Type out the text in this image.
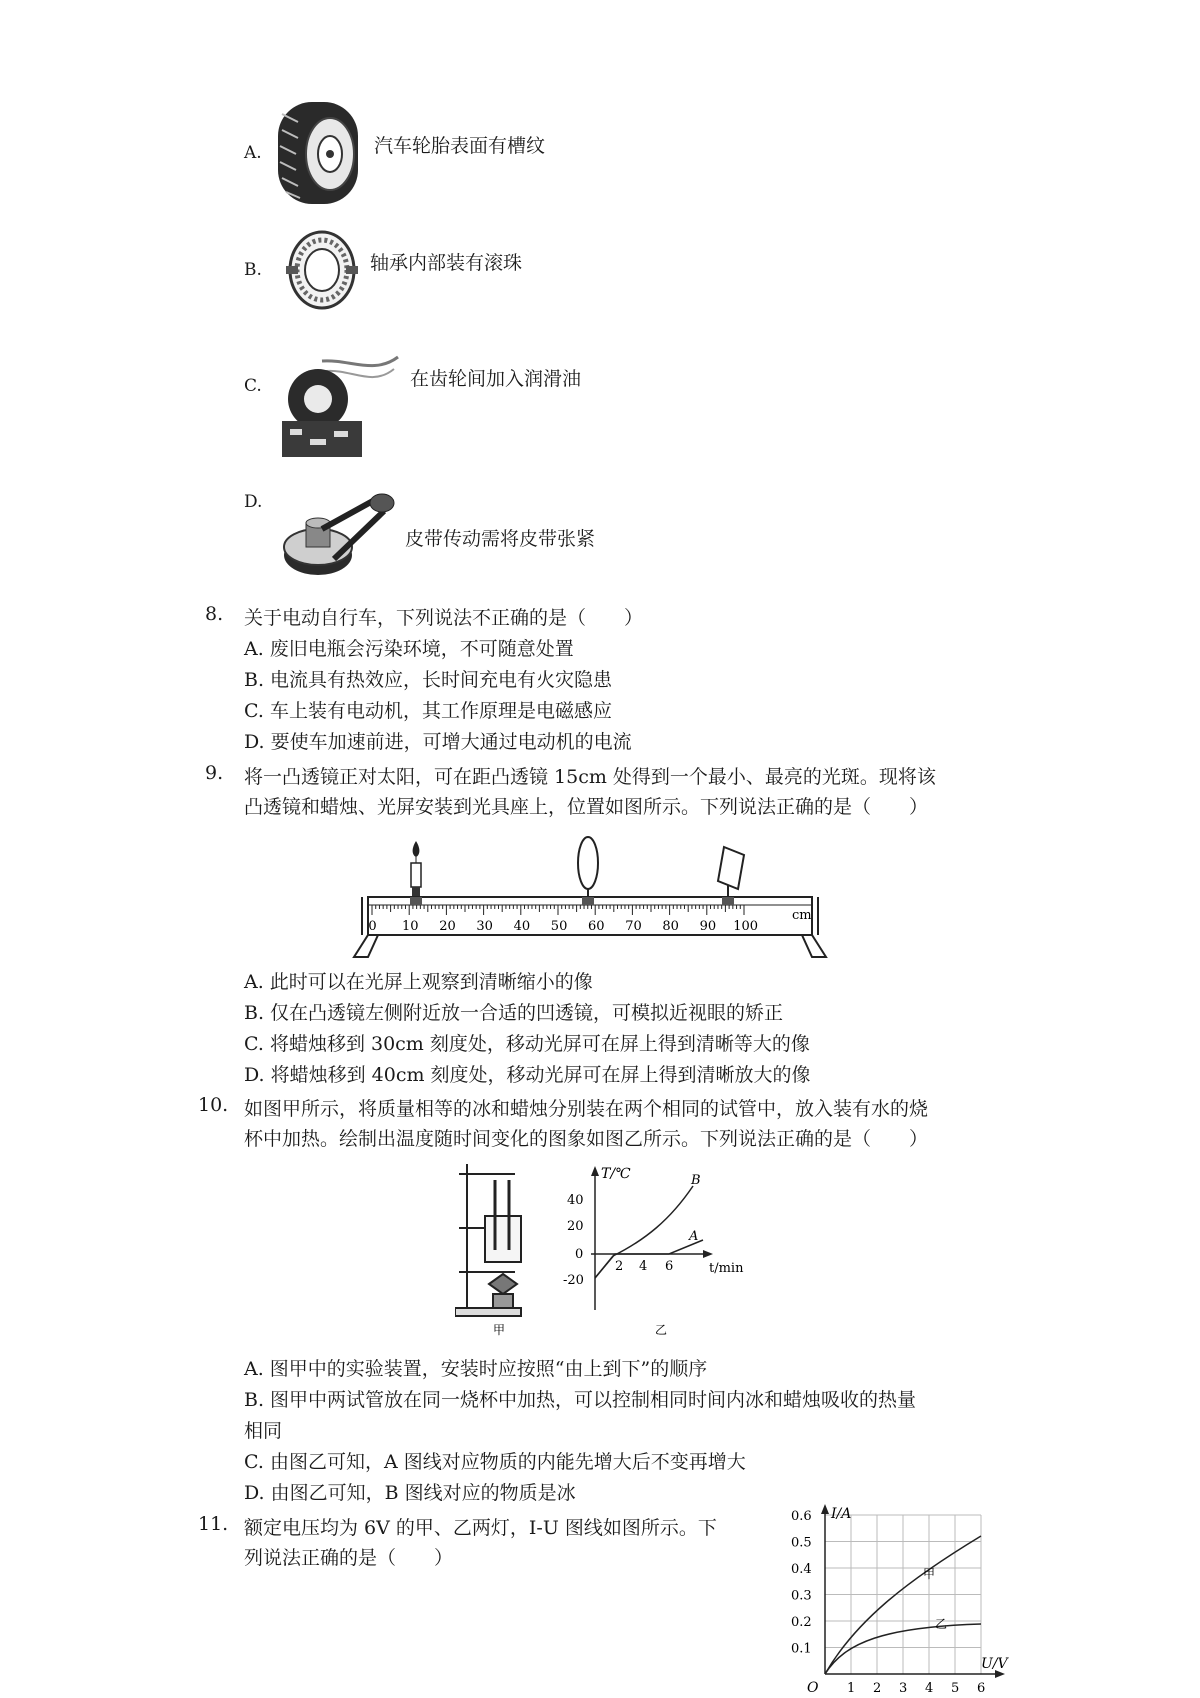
A.	汽车轮胎表面有槽纹
B.	轴承内部装有滚珠
C.	在齿轮间加入润滑油
D.
皮带传动需将皮带张紧
8. 关于电动自行车，下列说法不正确的是（　　）
A. 废旧电瓶会污染环境，不可随意处置
B. 电流具有热效应，长时间充电有火灾隐患
C. 车上装有电动机，其工作原理是电磁感应
D. 要使车加速前进，可增大通过电动机的电流
9. 将一凸透镜正对太阳，可在距凸透镜 15cm 处得到一个最小、最亮的光斑。现将该
凸透镜和蜡烛、光屏安装到光具座上，位置如图所示。下列说法正确的是（　　）
0 10 20 30 40 50 60 70 80 90 100
cm
A. 此时可以在光屏上观察到清晰缩小的像
B. 仅在凸透镜左侧附近放一合适的凹透镜，可模拟近视眼的矫正
C. 将蜡烛移到 30cm 刻度处，移动光屏可在屏上得到清晰等大的像
D. 将蜡烛移到 40cm 刻度处，移动光屏可在屏上得到清晰放大的像
10. 如图甲所示，将质量相等的冰和蜡烛分别装在两个相同的试管中，放入装有水的烧
杯中加热。绘制出温度随时间变化的图象如图乙所示。下列说法正确的是（　　）
甲
T/℃
t/min
40
20
0
-20
2 4 6
A
B
乙
A. 图甲中的实验装置，安装时应按照“由上到下”的顺序
B. 图甲中两试管放在同一烧杯中加热，可以控制相同时间内冰和蜡烛吸收的热量
相同
C. 由图乙可知，A 图线对应物质的内能先增大后不变再增大
D. 由图乙可知，B 图线对应的物质是冰
11. 额定电压均为 6V 的甲、乙两灯，I-U 图线如图所示。下
列说法正确的是（　　）
I/A
U/V
O
0.6
0.5
0.4
0.3
0.2
0.1
1 2 3 4 5 6
甲
乙
